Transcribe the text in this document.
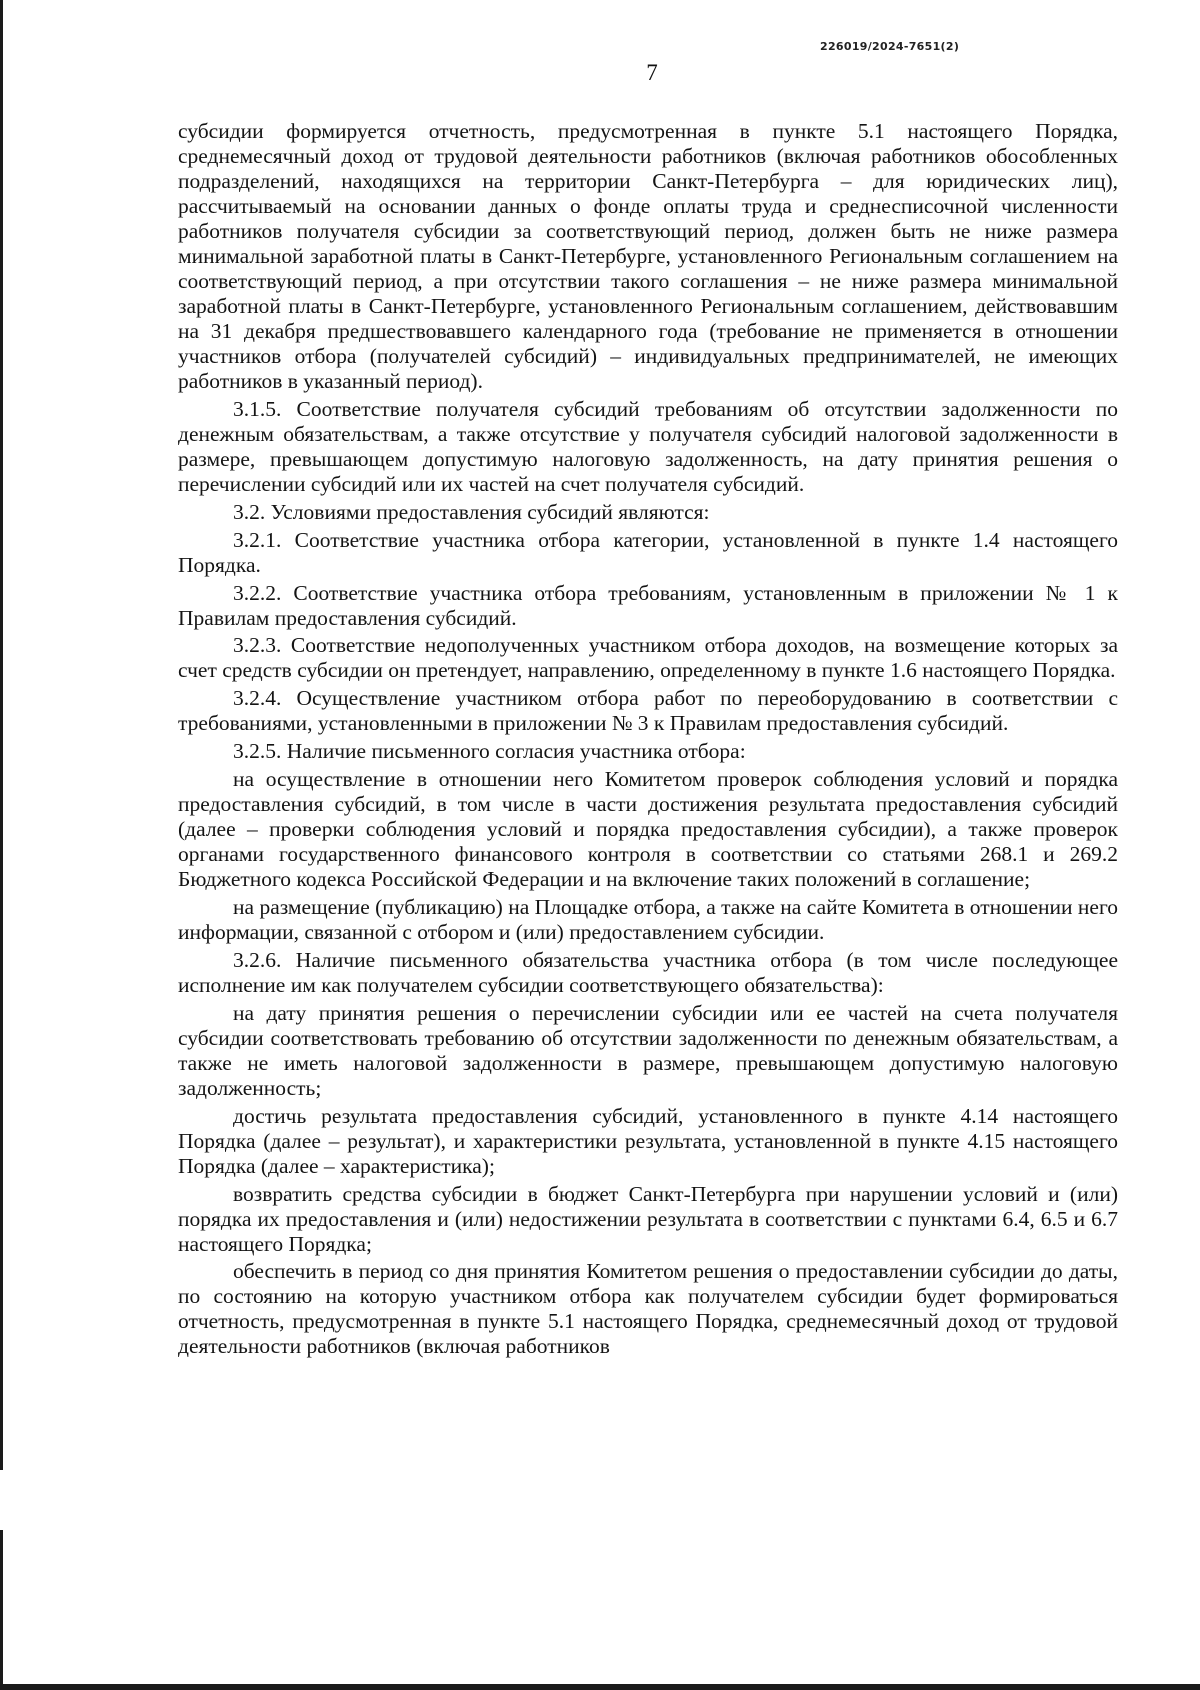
226019/2024-7651(2)
7

субсидии формируется отчетность, предусмотренная в пункте 5.1 настоящего Порядка, среднемесячный доход от трудовой деятельности работников (включая работников обособленных подразделений, находящихся на территории Санкт-Петербурга – для юридических лиц), рассчитываемый на основании данных о фонде оплаты труда и среднесписочной численности работников получателя субсидии за соответствующий период, должен быть не ниже размера минимальной заработной платы в Санкт-Петербурге, установленного Региональным соглашением на соответствующий период, а при отсутствии такого соглашения – не ниже размера минимальной заработной платы в Санкт-Петербурге, установленного Региональным соглашением, действовавшим на 31 декабря предшествовавшего календарного года (требование не применяется в отношении участников отбора (получателей субсидий) – индивидуальных предпринимателей, не имеющих работников в указанный период).

3.1.5. Соответствие получателя субсидий требованиям об отсутствии задолженности по денежным обязательствам, а также отсутствие у получателя субсидий налоговой задолженности в размере, превышающем допустимую налоговую задолженность, на дату принятия решения о перечислении субсидий или их частей на счет получателя субсидий.

3.2. Условиями предоставления субсидий являются:

3.2.1. Соответствие участника отбора категории, установленной в пункте 1.4 настоящего Порядка.

3.2.2. Соответствие участника отбора требованиям, установленным в приложении № 1 к Правилам предоставления субсидий.

3.2.3. Соответствие недополученных участником отбора доходов, на возмещение которых за счет средств субсидии он претендует, направлению, определенному в пункте 1.6 настоящего Порядка.

3.2.4. Осуществление участником отбора работ по переоборудованию в соответствии с требованиями, установленными в приложении № 3 к Правилам предоставления субсидий.

3.2.5. Наличие письменного согласия участника отбора:

на осуществление в отношении него Комитетом проверок соблюдения условий и порядка предоставления субсидий, в том числе в части достижения результата предоставления субсидий (далее – проверки соблюдения условий и порядка предоставления субсидии), а также проверок органами государственного финансового контроля в соответствии со статьями 268.1 и 269.2 Бюджетного кодекса Российской Федерации и на включение таких положений в соглашение;

на размещение (публикацию) на Площадке отбора, а также на сайте Комитета в отношении него информации, связанной с отбором и (или) предоставлением субсидии.

3.2.6. Наличие письменного обязательства участника отбора (в том числе последующее исполнение им как получателем субсидии соответствующего обязательства):

на дату принятия решения о перечислении субсидии или ее частей на счета получателя субсидии соответствовать требованию об отсутствии задолженности по денежным обязательствам, а также не иметь налоговой задолженности в размере, превышающем допустимую налоговую задолженность;

достичь результата предоставления субсидий, установленного в пункте 4.14 настоящего Порядка (далее – результат), и характеристики результата, установленной в пункте 4.15 настоящего Порядка (далее – характеристика);

возвратить средства субсидии в бюджет Санкт-Петербурга при нарушении условий и (или) порядка их предоставления и (или) недостижении результата в соответствии с пунктами 6.4, 6.5 и 6.7 настоящего Порядка;

обеспечить в период со дня принятия Комитетом решения о предоставлении субсидии до даты, по состоянию на которую участником отбора как получателем субсидии будет формироваться отчетность, предусмотренная в пункте 5.1 настоящего Порядка, среднемесячный доход от трудовой деятельности работников (включая работников
